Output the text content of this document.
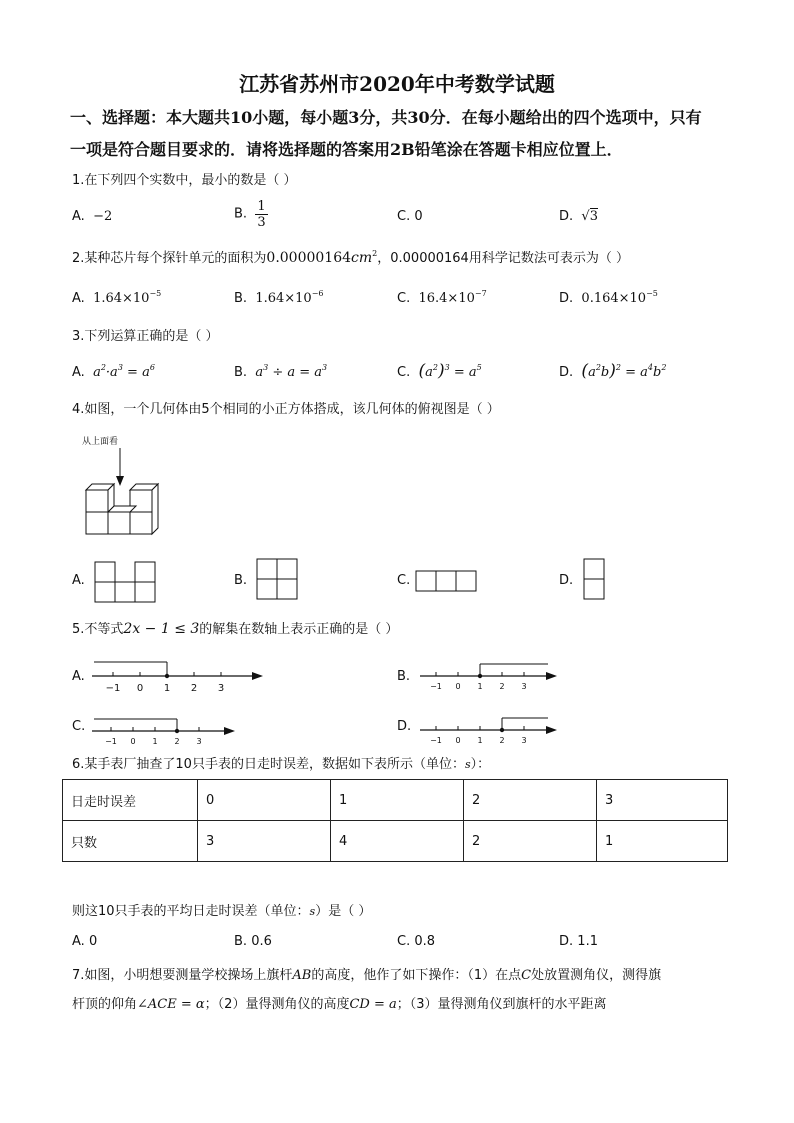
江苏省苏州市2020年中考数学试题
一、选择题：本大题共10小题，每小题3分，共30分．在每小题给出的四个选项中，只有
一项是符合题目要求的．请将选择题的答案用2B铅笔涂在答题卡相应位置上．
1.在下列四个实数中，最小的数是（ ）
A. −2	B. $\frac{1}{3}$	C. 0	D. √3
2.某种芯片每个探针单元的面积为$0.00000164cm^2$，0.00000164用科学记数法可表示为（ ）
A. $1.64\times 10^{-5}$	B. $1.64\times 10^{-6}$	C. $16.4\times 10^{-7}$	D. $0.164\times 10^{-5}$
3.下列运算正确的是（ ）
A. $a^2\cdot a^3 = a^6$	B. $a^3 \div a = a^3$	C. $(a^2)^3 = a^5$	D. $(a^2b)^2 = a^4b^2$
4.如图，一个几何体由5个相同的小正方体搭成，该几何体的俯视图是（ ）
从上面看
A.	B.	C.	D.
5.不等式2x − 1 ≤ 3的解集在数轴上表示正确的是（ ）
A.
−1 0 1 2 3
B.
−1 0 1 2 3
C.
−1 0 1 2 3
D.
−1 0 1 2 3
6.某手表厂抽查了10只手表的日走时误差，数据如下表所示（单位：s）：
日走时误差	0	1	2	3
只数	3	4	2	1
则这10只手表的平均日走时误差（单位：s）是（ ）
A. 0	B. 0.6	C. 0.8	D. 1.1
7.如图，小明想要测量学校操场上旗杆AB的高度，他作了如下操作：（1）在点C处放置测角仪，测得旗
杆顶的仰角∠ACE = α；（2）量得测角仪的高度CD = a；（3）量得测角仪到旗杆的水平距离
